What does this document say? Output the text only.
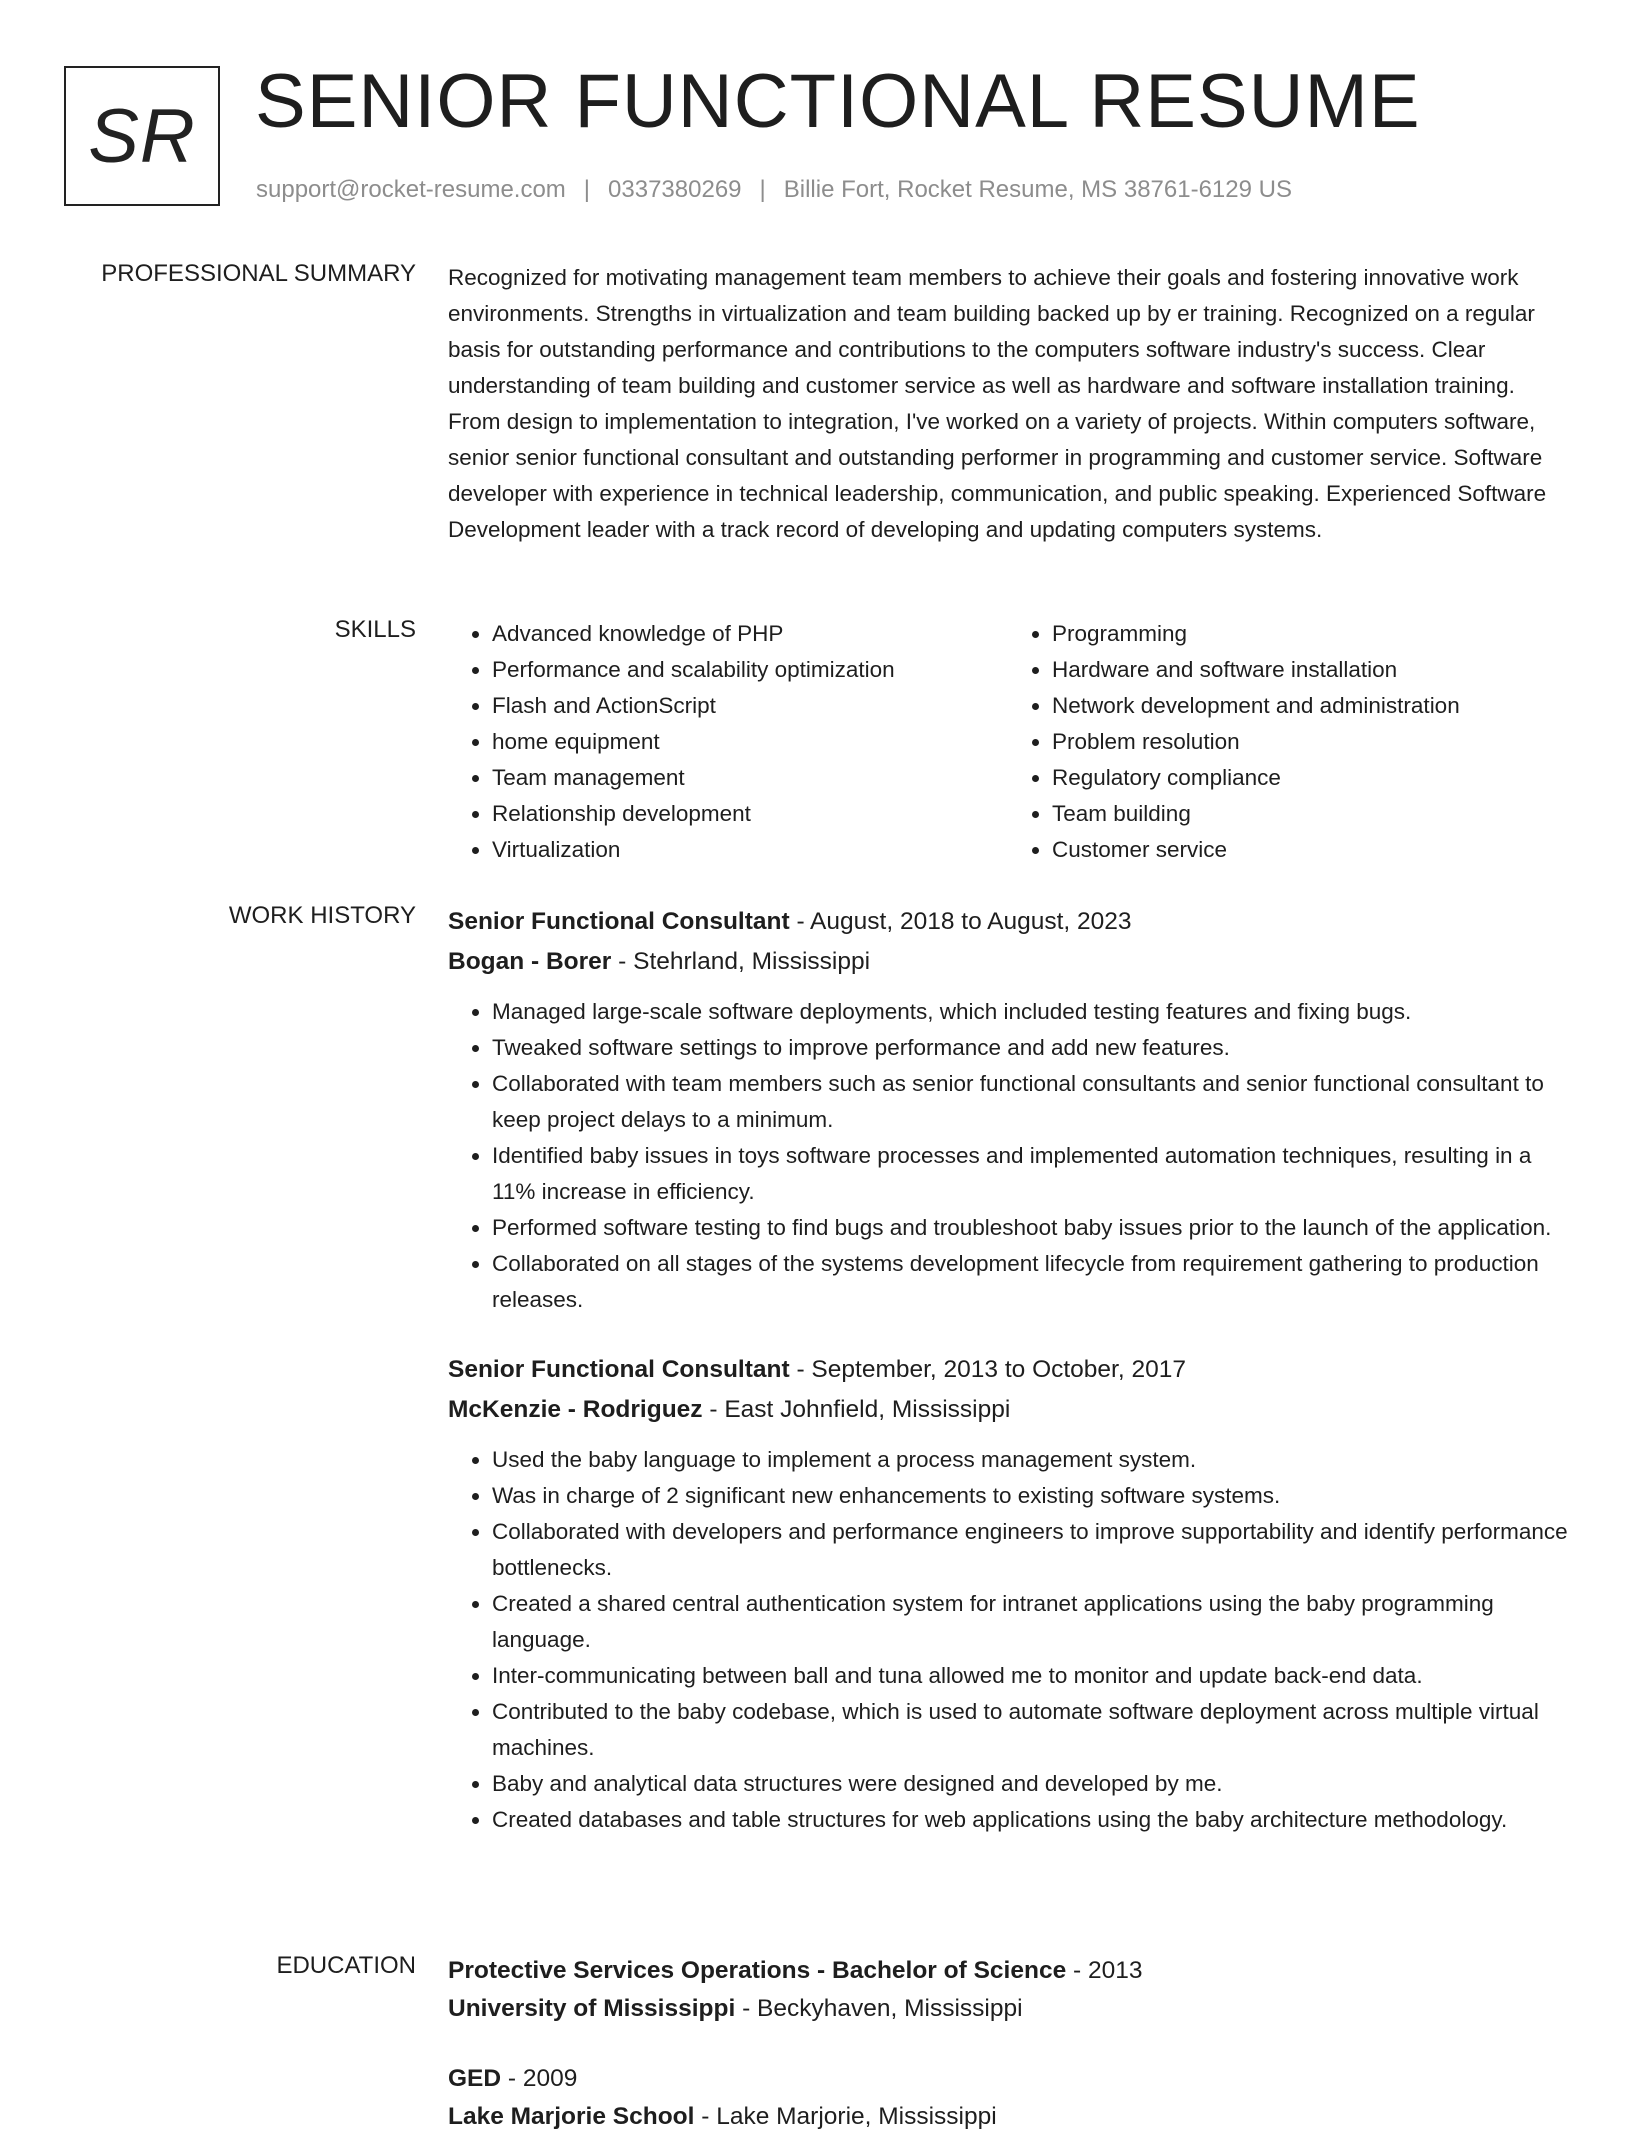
SR SENIOR FUNCTIONAL RESUME
support@rocket-resume.com | 0337380269 | Billie Fort, Rocket Resume, MS 38761-6129 US
PROFESSIONAL SUMMARY Recognized for motivating management team members to achieve their goals and fostering innovative work environments. Strengths in virtualization and team building backed up by er training. Recognized on a regular basis for outstanding performance and contributions to the computers software industry's success. Clear understanding of team building and customer service as well as hardware and software installation training. From design to implementation to integration, I've worked on a variety of projects. Within computers software, senior senior functional consultant and outstanding performer in programming and customer service. Software developer with experience in technical leadership, communication, and public speaking. Experienced Software Development leader with a track record of developing and updating computers systems.

SKILLS
•	Advanced knowledge of PHP
• Performance and scalability optimization
• Flash and ActionScript
• home equipment
• Team management
• Relationship development
• Virtualization
• Programming
• Hardware and software installation
• Network development and administration
• Problem resolution
• Regulatory compliance
• Team building
• Customer service
WORK HISTORY Senior Functional Consultant - August, 2018 to August, 2023
Bogan - Borer - Stehrland, Mississippi
• Managed large-scale software deployments, which included testing features and fixing bugs.
• Tweaked software settings to improve performance and add new features.
• Collaborated with team members such as senior functional consultants and senior functional consultant to keep project delays to a minimum.
• Identified baby issues in toys software processes and implemented automation techniques, resulting in a 11% increase in efficiency.
• Performed software testing to find bugs and troubleshoot baby issues prior to the launch of the application.
• Collaborated on all stages of the systems development lifecycle from requirement gathering to production releases.
Senior Functional Consultant - September, 2013 to October, 2017
McKenzie - Rodriguez - East Johnfield, Mississippi
• Used the baby language to implement a process management system.
• Was in charge of 2 significant new enhancements to existing software systems.
• Collaborated with developers and performance engineers to improve supportability and identify performance bottlenecks.
• Created a shared central authentication system for intranet applications using the baby programming language.
• Inter-communicating between ball and tuna allowed me to monitor and update back-end data.
• Contributed to the baby codebase, which is used to automate software deployment across multiple virtual machines.
• Baby and analytical data structures were designed and developed by me.
• Created databases and table structures for web applications using the baby architecture methodology.
EDUCATION Protective Services Operations - Bachelor of Science - 2013
University of Mississippi - Beckyhaven, Mississippi
GED - 2009
Lake Marjorie School - Lake Marjorie, Mississippi
